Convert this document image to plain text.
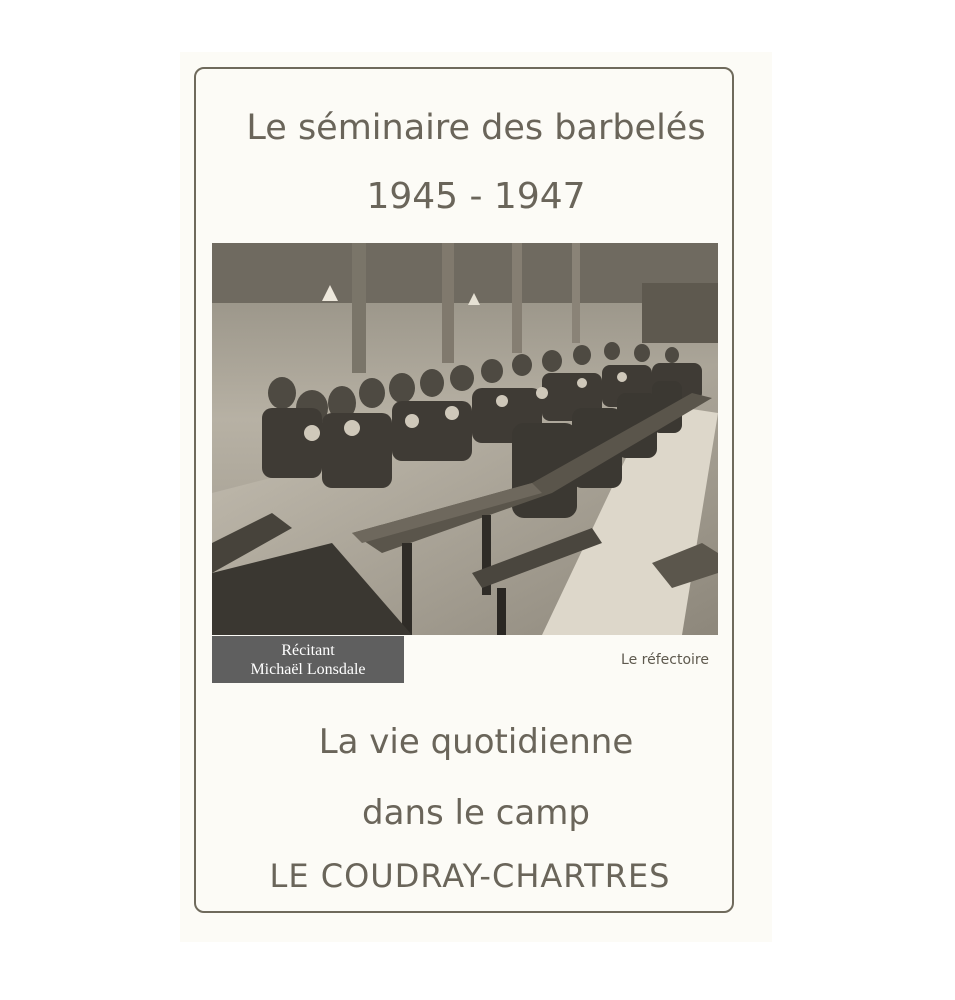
Le séminaire des barbelés
1945 - 1947
Récitant
Michaël Lonsdale
Le réfectoire
La vie quotidienne
dans le camp
LE COUDRAY-CHARTRES
